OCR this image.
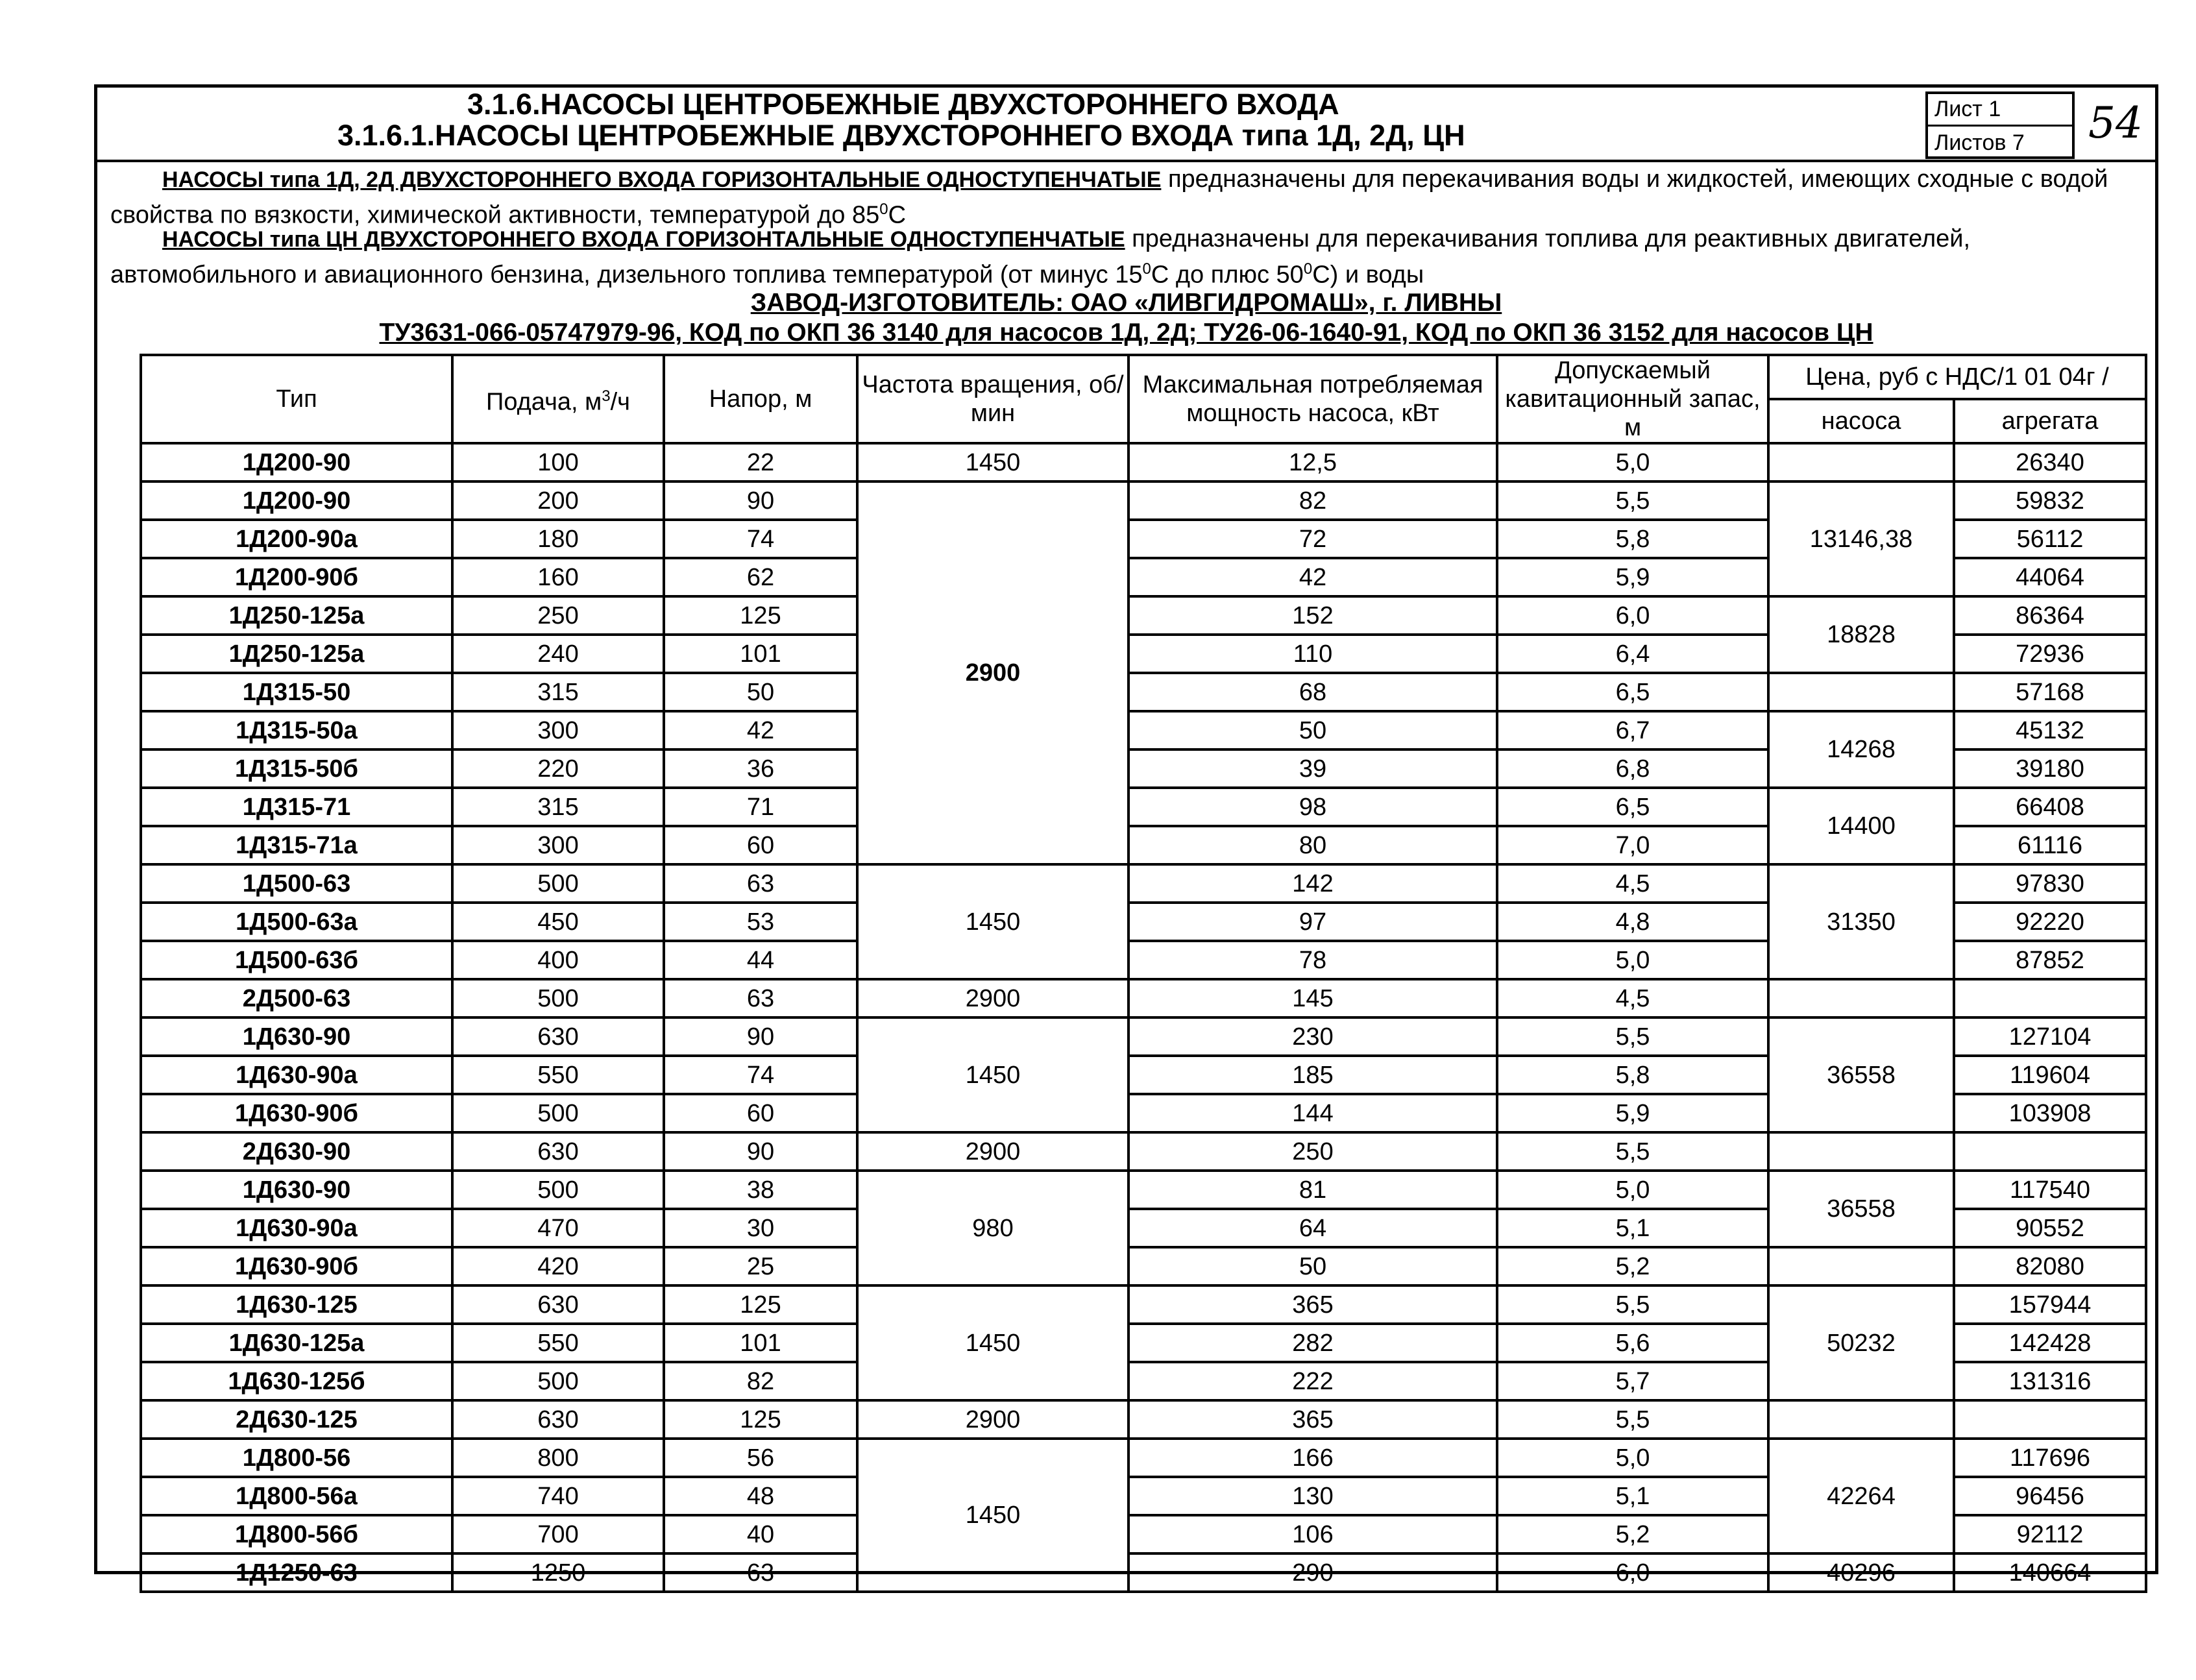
3.1.6.НАСОСЫ ЦЕНТРОБЕЖНЫЕ ДВУХСТОРОННЕГО ВХОДА
3.1.6.1.НАСОСЫ ЦЕНТРОБЕЖНЫЕ ДВУХСТОРОННЕГО ВХОДА типа 1Д, 2Д, ЦН
Лист 1
Листов 7 54
НАСОСЫ типа 1Д, 2Д ДВУХСТОРОННЕГО ВХОДА ГОРИЗОНТАЛЬНЫЕ ОДНОСТУПЕНЧАТЫЕ предназначены для перекачивания воды и жидкостей, имеющих сходные с водой свойства по вязкости, химической активности, температурой до $85^0С$
НАСОСЫ типа ЦН ДВУХСТОРОННЕГО ВХОДА ГОРИЗОНТАЛЬНЫЕ ОДНОСТУПЕНЧАТЫЕ предназначены для перекачивания топлива для реактивных двигателей, автомобильного и авиационного бензина, дизельного топлива температурой (от минус $15^0С$ до плюс $50^0С$) и воды
ЗАВОД-ИЗГОТОВИТЕЛЬ: ОАО «ЛИВГИДРОМАШ», г. ЛИВНЫ
ТУ3631-066-05747979-96, КОД по ОКП 36 3140 для насосов 1Д, 2Д; ТУ26-06-1640-91, КОД по ОКП 36 3152 для насосов ЦН
Тип	Подача, $м^3/ч$	Напор, м	Частота вращения, об/мин	Максимальная потребляемая мощность насоса, кВт	Допускаемый кавитационный запас, м	Цена, руб с НДС/1 01 04г /	
						насоса	агрегата
1Д200-90	100	22	1450	12,5	5,0		26340
1Д200-90	200	90	2900	82	5,5	13146,38	59832
1Д200-90а	180	74		72	5,8		56112
1Д200-90б	160	62		42	5,9		44064
1Д250-125а	250	125		152	6,0	18828	86364
1Д250-125а	240	101		110	6,4		72936
1Д315-50	315	50		68	6,5		57168
1Д315-50а	300	42		50	6,7	14268	45132
1Д315-50б	220	36		39	6,8		39180
1Д315-71	315	71		98	6,5	14400	66408
1Д315-71а	300	60		80	7,0		61116
1Д500-63	500	63	1450	142	4,5	31350	97830
1Д500-63а	450	53		97	4,8		92220
1Д500-63б	400	44		78	5,0		87852
2Д500-63	500	63	2900	145	4,5		
1Д630-90	630	90	1450	230	5,5	36558	127104
1Д630-90а	550	74		185	5,8		119604
1Д630-90б	500	60		144	5,9		103908
2Д630-90	630	90	2900	250	5,5		
1Д630-90	500	38	980	81	5,0	36558	117540
1Д630-90а	470	30		64	5,1		90552
1Д630-90б	420	25		50	5,2		82080
1Д630-125	630	125	1450	365	5,5	50232	157944
1Д630-125а	550	101		282	5,6		142428
1Д630-125б	500	82		222	5,7		131316
2Д630-125	630	125	2900	365	5,5		
1Д800-56	800	56	1450	166	5,0	42264	117696
1Д800-56а	740	48		130	5,1		96456
1Д800-56б	700	40		106	5,2		92112
1Д1250-63	1250	63		290	6,0	40296	140664
